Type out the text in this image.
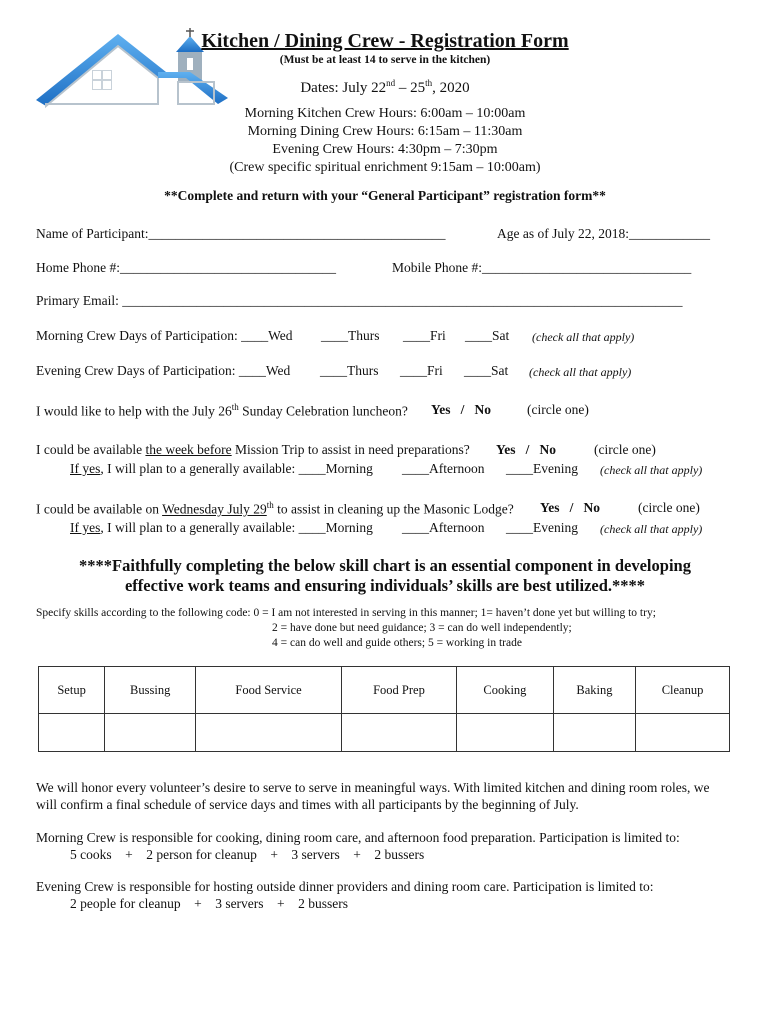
Kitchen / Dining Crew - Registration Form
(Must be at least 14 to serve in the kitchen)
Dates: July 22nd – 25th, 2020
Morning Kitchen Crew Hours: 6:00am – 10:00am
Morning Dining Crew Hours: 6:15am – 11:30am
Evening Crew Hours: 4:30pm – 7:30pm
(Crew specific spiritual enrichment 9:15am – 10:00am)
**Complete and return with your “General Participant” registration form**
Name of Participant:____________________________________________	Age as of July 22, 2018:____________
Home Phone #:________________________________	Mobile Phone #:_______________________________
Primary Email: ___________________________________________________________________________________
Morning Crew Days of Participation: ____Wed ____Thurs ____Fri ____Sat (check all that apply)
Evening Crew Days of Participation: ____Wed ____Thurs ____Fri ____Sat (check all that apply)
I would like to help with the July 26th Sunday Celebration luncheon? Yes   /   No	(circle one)
I could be available the week before Mission Trip to assist in need preparations? Yes   /   No	(circle one)
If yes, I will plan to a generally available: ____Morning ____Afternoon ____Evening (check all that apply)
I could be available on Wednesday July 29th to assist in cleaning up the Masonic Lodge? Yes   /   No	(circle one)
If yes, I will plan to a generally available: ____Morning ____Afternoon ____Evening (check all that apply)
****Faithfully completing the below skill chart is an essential component in developing
effective work teams and ensuring individuals’ skills are best utilized.****
Specify skills according to the following code: 0 = I am not interested in serving in this manner; 1= haven’t done yet but willing to try;
2 = have done but need guidance; 3 = can do well independently;
4 = can do well and guide others; 5 = working in trade
Setup	Bussing	Food Service	Food Prep	Cooking	Baking	Cleanup

We will honor every volunteer’s desire to serve to serve in meaningful ways. With limited kitchen and dining room roles, we
will confirm a final schedule of service days and times with all participants by the beginning of July.
Morning Crew is responsible for cooking, dining room care, and afternoon food preparation. Participation is limited to:
5 cooks    +    2 person for cleanup    +    3 servers    +    2 bussers
Evening Crew is responsible for hosting outside dinner providers and dining room care. Participation is limited to:
2 people for cleanup    +    3 servers    +    2 bussers
